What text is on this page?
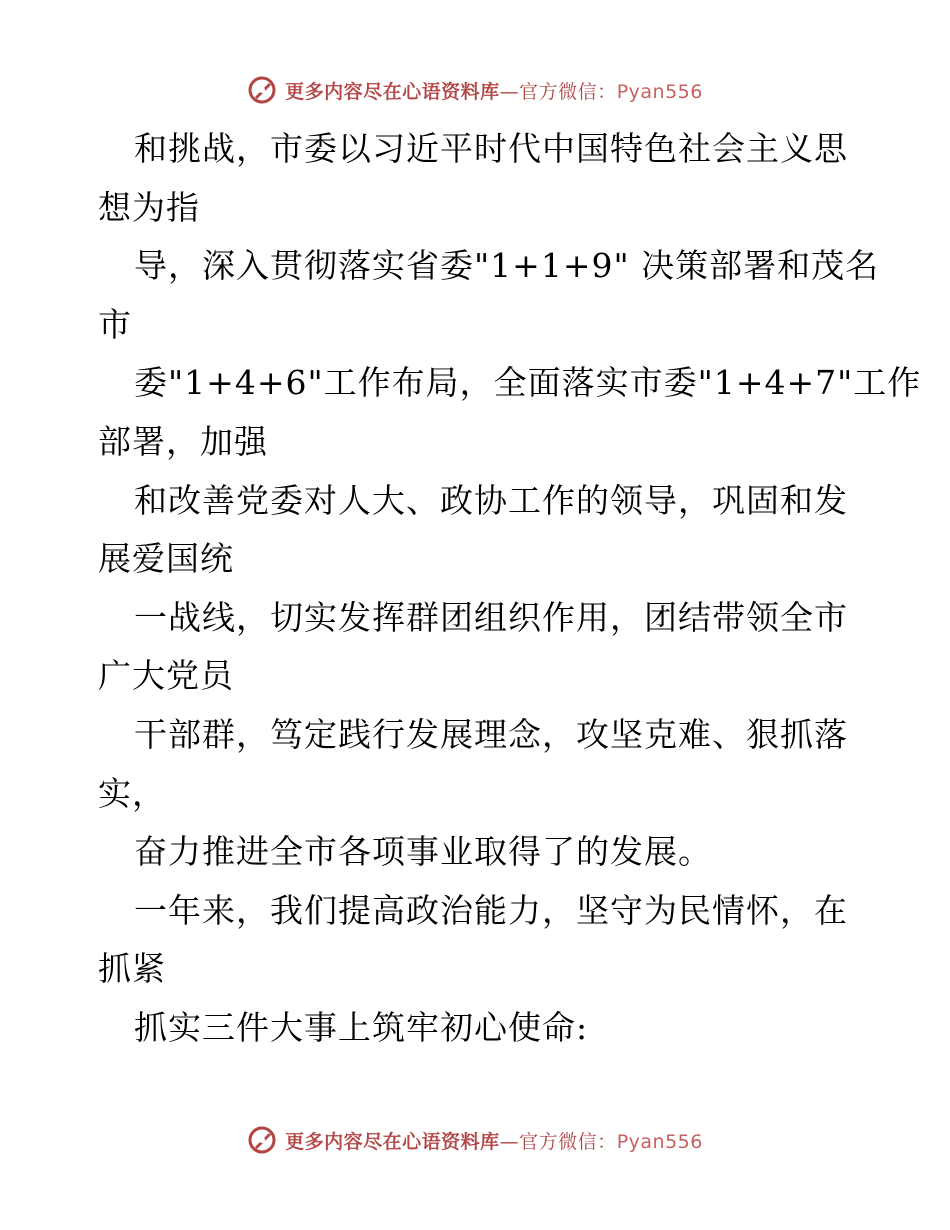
更多内容尽在心语资料库—官方微信：Pyan556
和挑战，市委以习近平时代中国特色社会主义思
想为指
导，深入贯彻落实省委"1+1+9" 决策部署和茂名
市
委"1+4+6"工作布局，全面落实市委"1+4+7"工作
部署，加强
和改善党委对人大、政协工作的领导，巩固和发
展爱国统
一战线，切实发挥群团组织作用，团结带领全市
广大党员
干部群，笃定践行发展理念，攻坚克难、狠抓落
实，
奋力推进全市各项事业取得了的发展。
一年来，我们提高政治能力，坚守为民情怀，在
抓紧
抓实三件大事上筑牢初心使命:
更多内容尽在心语资料库—官方微信：Pyan556
